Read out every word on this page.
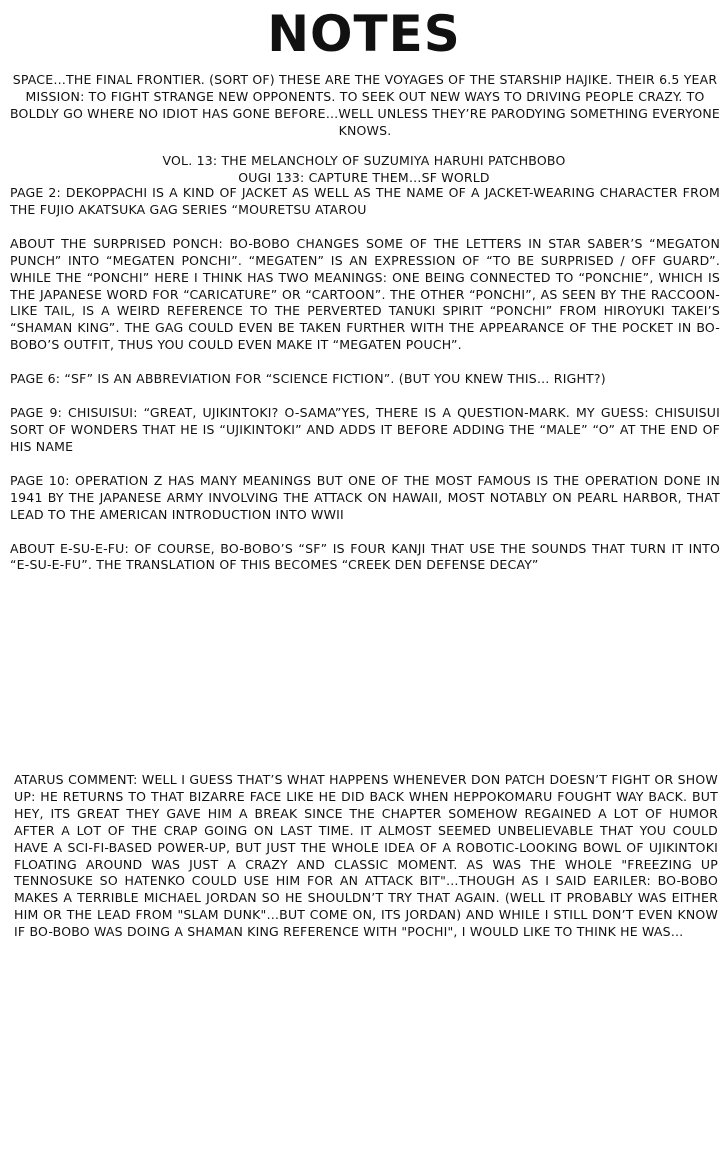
NOTES

SPACE…THE FINAL FRONTIER. (SORT OF) THESE ARE THE VOYAGES OF THE STARSHIP HAJIKE. THEIR 6.5 YEAR MISSION: TO FIGHT STRANGE NEW OPPONENTS. TO SEEK OUT NEW WAYS TO DRIVING PEOPLE CRAZY. TO BOLDLY GO WHERE NO IDIOT HAS GONE BEFORE…WELL UNLESS THEY’RE PARODYING SOMETHING EVERYONE KNOWS.

VOL. 13: THE MELANCHOLY OF SUZUMIYA HARUHI PATCHBOBO
OUGI 133: CAPTURE THEM…SF WORLD

PAGE 2: DEKOPPACHI IS A KIND OF JACKET AS WELL AS THE NAME OF A JACKET-WEARING CHARACTER FROM THE FUJIO AKATSUKA GAG SERIES “MOURETSU ATAROU

ABOUT THE SURPRISED PONCH: BO-BOBO CHANGES SOME OF THE LETTERS IN STAR SABER’S “MEGATON PUNCH” INTO “MEGATEN PONCHI”. “MEGATEN” IS AN EXPRESSION OF “TO BE SURPRISED / OFF GUARD”. WHILE THE “PONCHI” HERE I THINK HAS TWO MEANINGS: ONE BEING CONNECTED TO “PONCHIE”, WHICH IS THE JAPANESE WORD FOR “CARICATURE” OR “CARTOON”. THE OTHER “PONCHI”, AS SEEN BY THE RACCOON-LIKE TAIL, IS A WEIRD REFERENCE TO THE PERVERTED TANUKI SPIRIT “PONCHI” FROM HIROYUKI TAKEI’S “SHAMAN KING”. THE GAG COULD EVEN BE TAKEN FURTHER WITH THE APPEARANCE OF THE POCKET IN BO-BOBO’S OUTFIT, THUS YOU COULD EVEN MAKE IT “MEGATEN POUCH”.

PAGE 6: “SF” IS AN ABBREVIATION FOR “SCIENCE FICTION”. (BUT YOU KNEW THIS… RIGHT?)

PAGE 9: CHISUISUI: “GREAT, UJIKINTOKI? O-SAMA”YES, THERE IS A QUESTION-MARK. MY GUESS: CHISUISUI SORT OF WONDERS THAT HE IS “UJIKINTOKI” AND ADDS IT BEFORE ADDING THE “MALE” “O” AT THE END OF HIS NAME

PAGE 10: OPERATION Z HAS MANY MEANINGS BUT ONE OF THE MOST FAMOUS IS THE OPERATION DONE IN 1941 BY THE JAPANESE ARMY INVOLVING THE ATTACK ON HAWAII, MOST NOTABLY ON PEARL HARBOR, THAT LEAD TO THE AMERICAN INTRODUCTION INTO WWII

ABOUT E-SU-E-FU: OF COURSE, BO-BOBO’S “SF” IS FOUR KANJI THAT USE THE SOUNDS THAT TURN IT INTO “E-SU-E-FU”. THE TRANSLATION OF THIS BECOMES “CREEK DEN DEFENSE DECAY”

ATARUS COMMENT: WELL I GUESS THAT’S WHAT HAPPENS WHENEVER DON PATCH DOESN’T FIGHT OR SHOW UP: HE RETURNS TO THAT BIZARRE FACE LIKE HE DID BACK WHEN HEPPOKOMARU FOUGHT WAY BACK. BUT HEY, ITS GREAT THEY GAVE HIM A BREAK SINCE THE CHAPTER SOMEHOW REGAINED A LOT OF HUMOR AFTER A LOT OF THE CRAP GOING ON LAST TIME. IT ALMOST SEEMED UNBELIEVABLE THAT YOU COULD HAVE A SCI-FI-BASED POWER-UP, BUT JUST THE WHOLE IDEA OF A ROBOTIC-LOOKING BOWL OF UJIKINTOKI FLOATING AROUND WAS JUST A CRAZY AND CLASSIC MOMENT. AS WAS THE WHOLE "FREEZING UP TENNOSUKE SO HATENKO COULD USE HIM FOR AN ATTACK BIT"…THOUGH AS I SAID EARILER: BO-BOBO MAKES A TERRIBLE MICHAEL JORDAN SO HE SHOULDN’T TRY THAT AGAIN. (WELL IT PROBABLY WAS EITHER HIM OR THE LEAD FROM "SLAM DUNK"…BUT COME ON, ITS JORDAN) AND WHILE I STILL DON’T EVEN KNOW IF BO-BOBO WAS DOING A SHAMAN KING REFERENCE WITH "POCHI", I WOULD LIKE TO THINK HE WAS…
